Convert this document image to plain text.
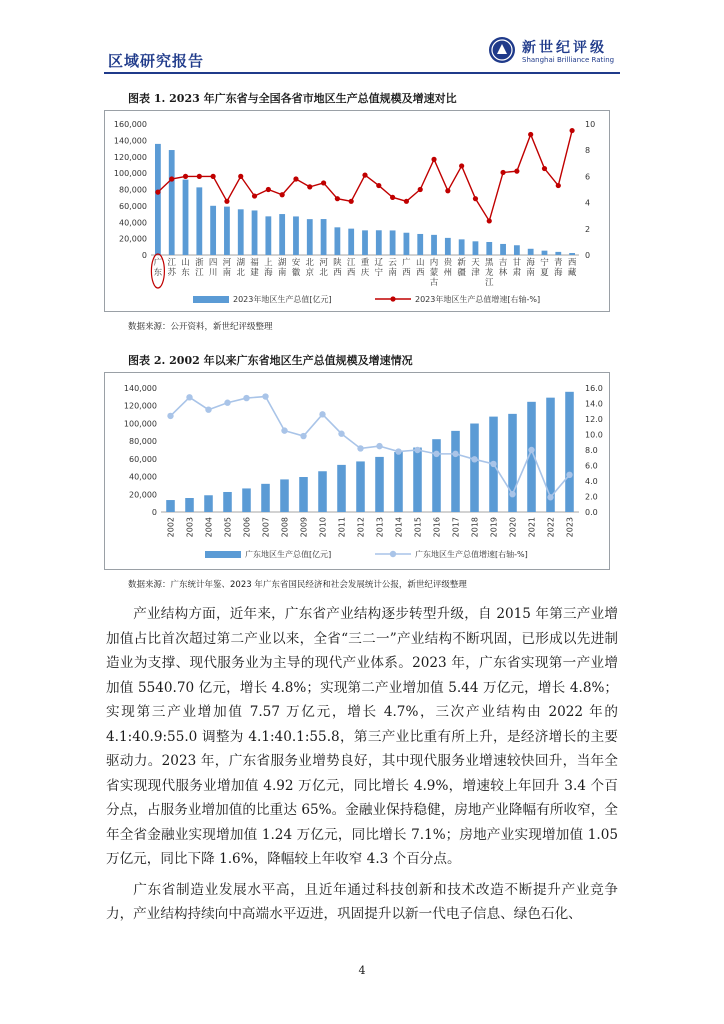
区域研究报告
新世纪评级
Shanghai Brilliance Rating
图表 1. 2023 年广东省与全国各省市地区生产总值规模及增速对比
0
20,000
40,000
60,000
80,000
100,000
120,000
140,000
160,000
0
2
4
6
8
10
广东
江苏
山东
浙江
四川
河南
湖北
福建
上海
湖南
安徽
北京
河北
陕西
江西
重庆
辽宁
云南
广西
山西
内蒙古
贵州
新疆
天津
黑龙江
吉林
甘肃
海南
宁夏
青海
西藏
2023年地区生产总值[亿元]	2023年地区生产总值增速[右轴-%]
数据来源：公开资料，新世纪评级整理
图表 2. 2002 年以来广东省地区生产总值规模及增速情况
0
20,000
40,000
60,000
80,000
100,000
120,000
140,000
0.0
2.0
4.0
6.0
8.0
10.0
12.0
14.0
16.0
2002 2003 2004 2005 2006 2007 2008 2009 2010 2011 2012 2013 2014 2015 2016 2017 2018 2019 2020 2021 2022 2023
广东地区生产总值[亿元]	广东地区生产总值增速[右轴-%]
数据来源：广东统计年鉴、2023 年广东省国民经济和社会发展统计公报，新世纪评级整理

产业结构方面，近年来，广东省产业结构逐步转型升级，自 2015 年第三产业增加值占比首次超过第二产业以来，全省“三二一”产业结构不断巩固，已形成以先进制造业为支撑、现代服务业为主导的现代产业体系。2023 年，广东省实现第一产业增加值 5540.70 亿元，增长 4.8%；实现第二产业增加值 5.44 万亿元，增长 4.8%；实现第三产业增加值 7.57 万亿元，增长 4.7%，三次产业结构由 2022 年的 4.1:40.9:55.0 调整为 4.1:40.1:55.8，第三产业比重有所上升，是经济增长的主要驱动力。2023 年，广东省服务业增势良好，其中现代服务业增速较快回升，当年全省实现现代服务业增加值 4.92 万亿元，同比增长 4.9%，增速较上年回升 3.4 个百分点，占服务业增加值的比重达 65%。金融业保持稳健，房地产业降幅有所收窄，全年全省金融业实现增加值 1.24 万亿元，同比增长 7.1%；房地产业实现增加值 1.05 万亿元，同比下降 1.6%，降幅较上年收窄 4.3 个百分点。

广东省制造业发展水平高，且近年通过科技创新和技术改造不断提升产业竞争力，产业结构持续向中高端水平迈进，巩固提升以新一代电子信息、绿色石化、

4
